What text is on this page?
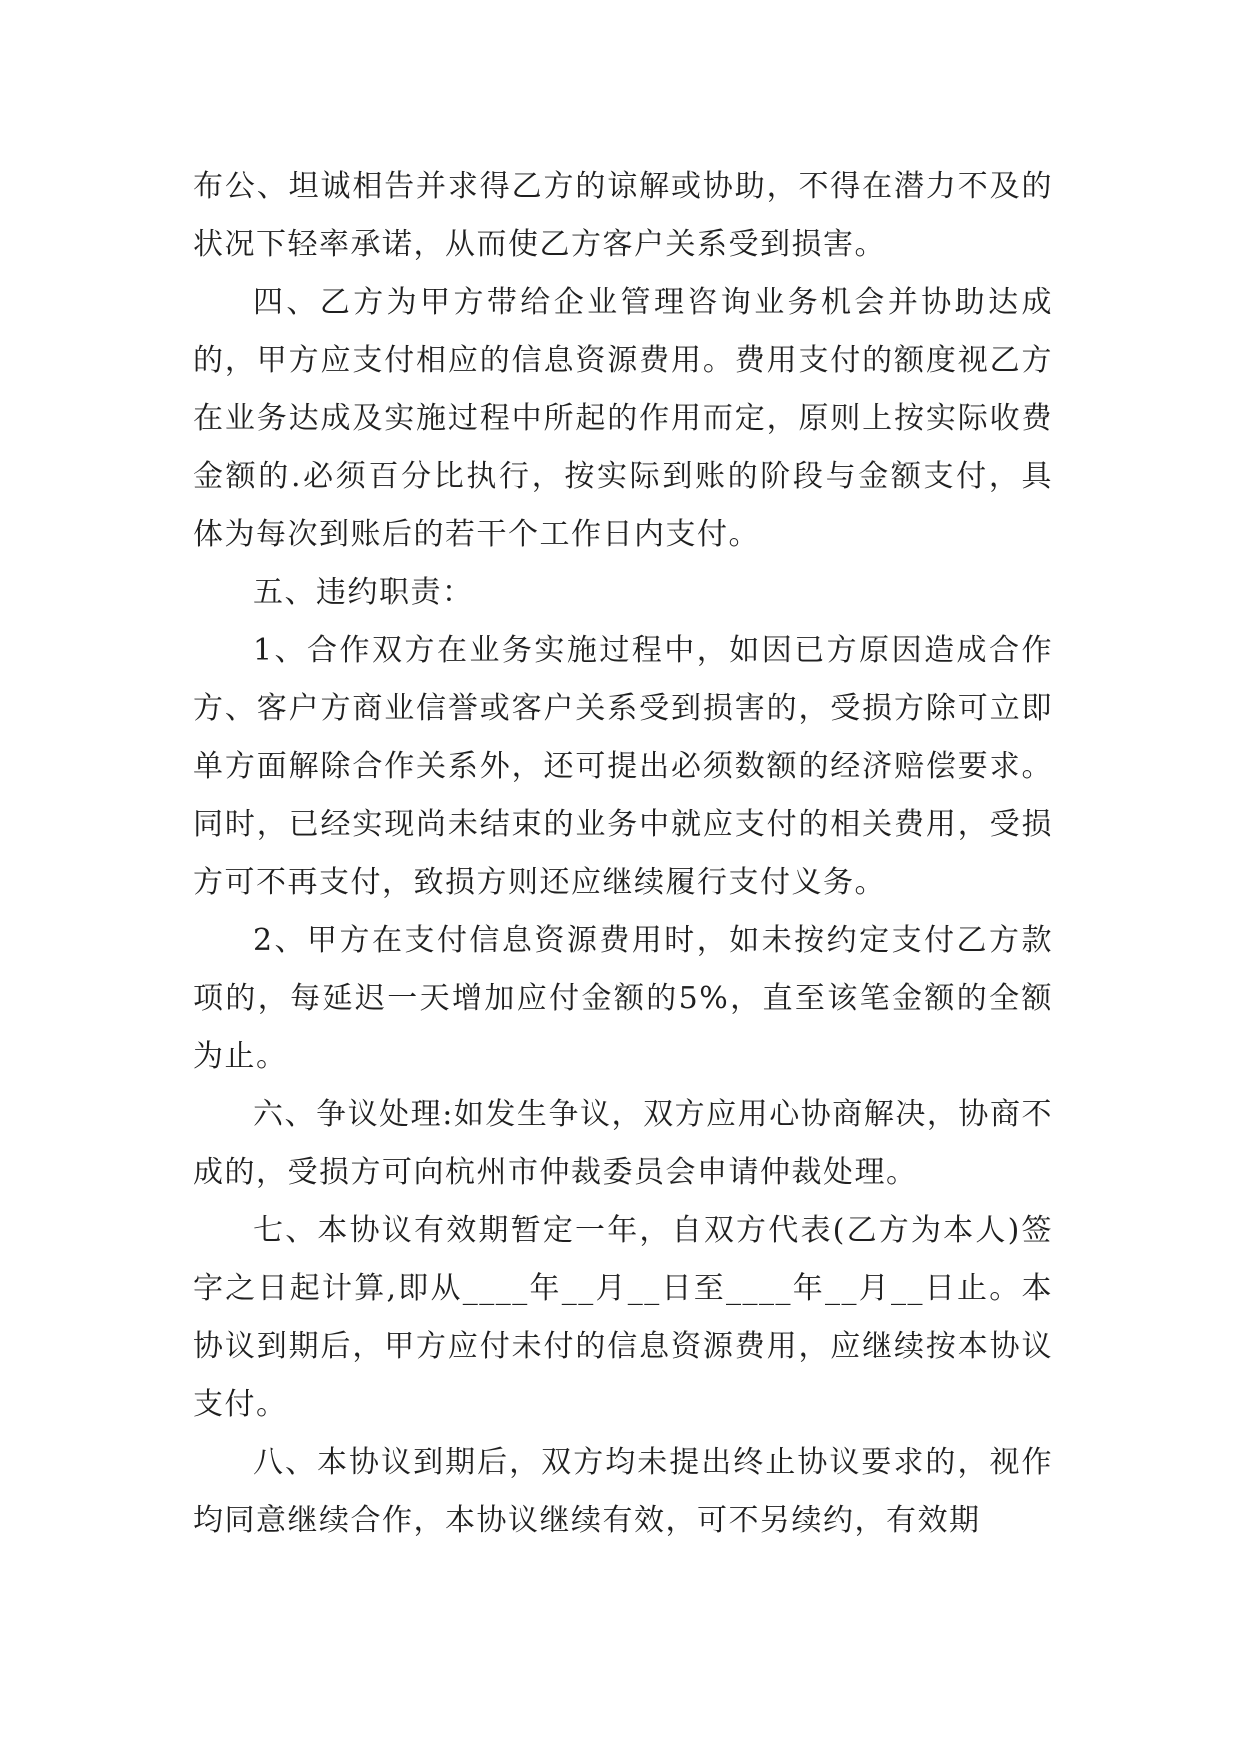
布公、坦诚相告并求得乙方的谅解或协助，不得在潜力不及的状况下轻率承诺，从而使乙方客户关系受到损害。

四、乙方为甲方带给企业管理咨询业务机会并协助达成的，甲方应支付相应的信息资源费用。费用支付的额度视乙方在业务达成及实施过程中所起的作用而定，原则上按实际收费金额的.必须百分比执行，按实际到账的阶段与金额支付，具体为每次到账后的若干个工作日内支付。

五、违约职责：

1、合作双方在业务实施过程中，如因已方原因造成合作方、客户方商业信誉或客户关系受到损害的，受损方除可立即单方面解除合作关系外，还可提出必须数额的经济赔偿要求。同时，已经实现尚未结束的业务中就应支付的相关费用，受损方可不再支付，致损方则还应继续履行支付义务。

2、甲方在支付信息资源费用时，如未按约定支付乙方款项的，每延迟一天增加应付金额的5%，直至该笔金额的全额为止。

六、争议处理:如发生争议，双方应用心协商解决，协商不成的，受损方可向杭州市仲裁委员会申请仲裁处理。

七、本协议有效期暂定一年，自双方代表(乙方为本人)签字之日起计算,即从____年__月__日至____年__月__日止。本协议到期后，甲方应付未付的信息资源费用，应继续按本协议支付。

八、本协议到期后，双方均未提出终止协议要求的，视作均同意继续合作，本协议继续有效，可不另续约，有效期
